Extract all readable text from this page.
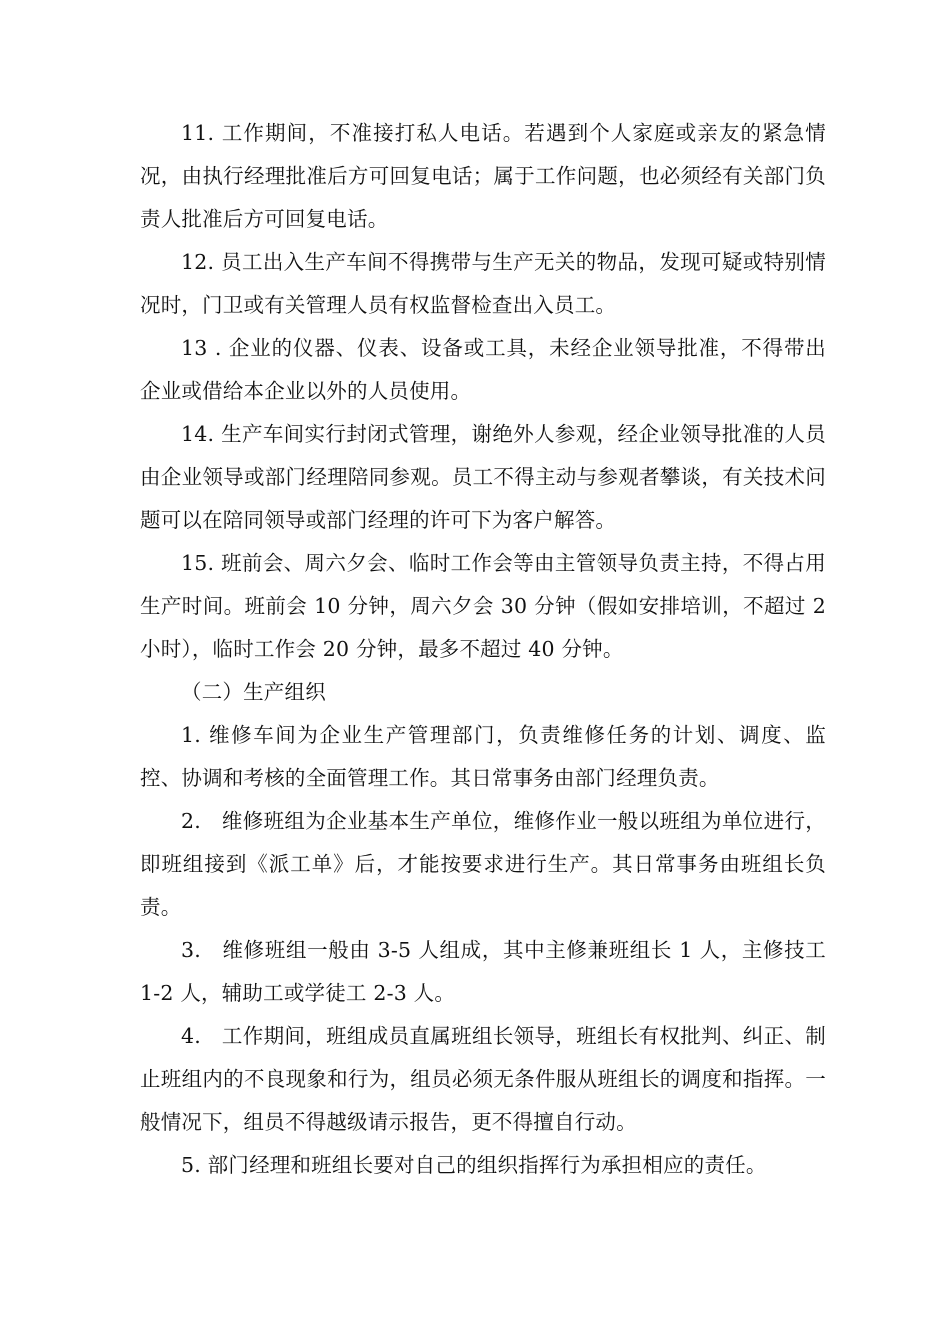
11. 工作期间，不准接打私人电话。若遇到个人家庭或亲友的紧急情况，由执行经理批准后方可回复电话；属于工作问题，也必须经有关部门负责人批准后方可回复电话。

12. 员工出入生产车间不得携带与生产无关的物品，发现可疑或特别情况时，门卫或有关管理人员有权监督检查出入员工。

13 . 企业的仪器、仪表、设备或工具，未经企业领导批准，不得带出企业或借给本企业以外的人员使用。

14. 生产车间实行封闭式管理，谢绝外人参观，经企业领导批准的人员由企业领导或部门经理陪同参观。员工不得主动与参观者攀谈，有关技术问题可以在陪同领导或部门经理的许可下为客户解答。

15. 班前会、周六夕会、临时工作会等由主管领导负责主持，不得占用生产时间。班前会 10 分钟，周六夕会 30 分钟（假如安排培训，不超过 2 小时），临时工作会 20 分钟，最多不超过 40 分钟。

（二）生产组织

1. 维修车间为企业生产管理部门，负责维修任务的计划、调度、监控、协调和考核的全面管理工作。其日常事务由部门经理负责。

2.　维修班组为企业基本生产单位，维修作业一般以班组为单位进行，即班组接到《派工单》后，才能按要求进行生产。其日常事务由班组长负责。

3.　维修班组一般由 3-5 人组成，其中主修兼班组长 1 人，主修技工 1-2 人，辅助工或学徒工 2-3 人。

4.　工作期间，班组成员直属班组长领导，班组长有权批判、纠正、制止班组内的不良现象和行为，组员必须无条件服从班组长的调度和指挥。一般情况下，组员不得越级请示报告，更不得擅自行动。

5. 部门经理和班组长要对自己的组织指挥行为承担相应的责任。
